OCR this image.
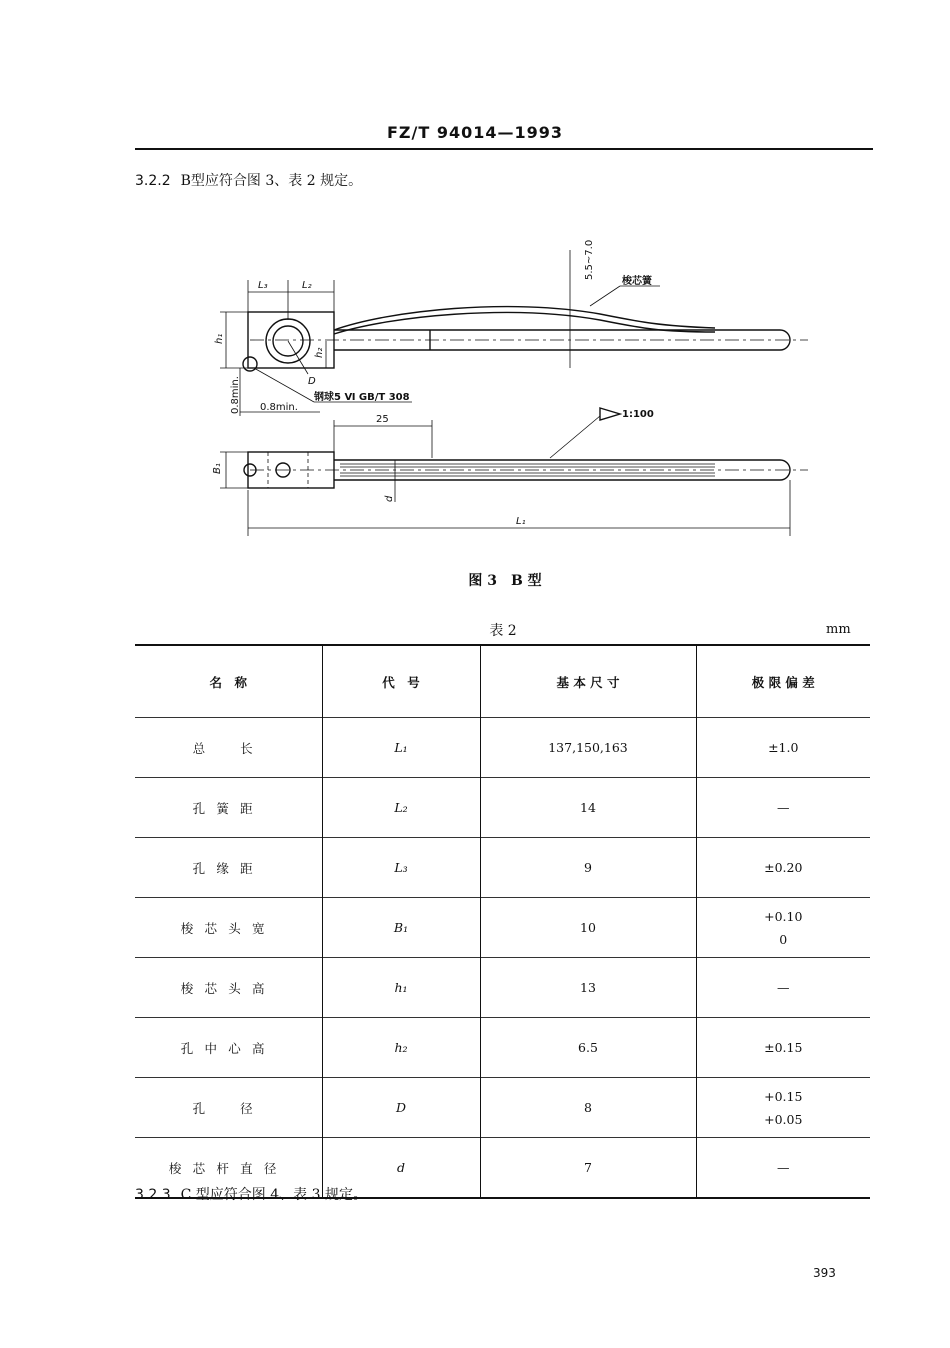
FZ/T 94014—1993
3.2.2 B型应符合图 3、表 2 规定。
L₃	L₂
h₁
h₂
D
5.5~7.0
梭芯簧
钢球5 Ⅵ GB/T 308
0.8min. 0.8min.
25	1:100
B₁
d
L₁
图 3　B 型
表 2	mm
名　称	代　号	基 本 尺 寸	极 限 偏 差
总　长	L₁	137,150,163	±1.0

孔簧距	L₂	14	—

孔缘距	L₃	9	±0.20

梭芯头宽	B₁	10	+0.10
0

梭芯头高	h₁	13	—

孔中心高	h₂	6.5	±0.15

孔　径	D	8	+0.15
+0.05

梭芯杆直径	d	7	—
3.2.3 C 型应符合图 4、表 3 规定。
393
